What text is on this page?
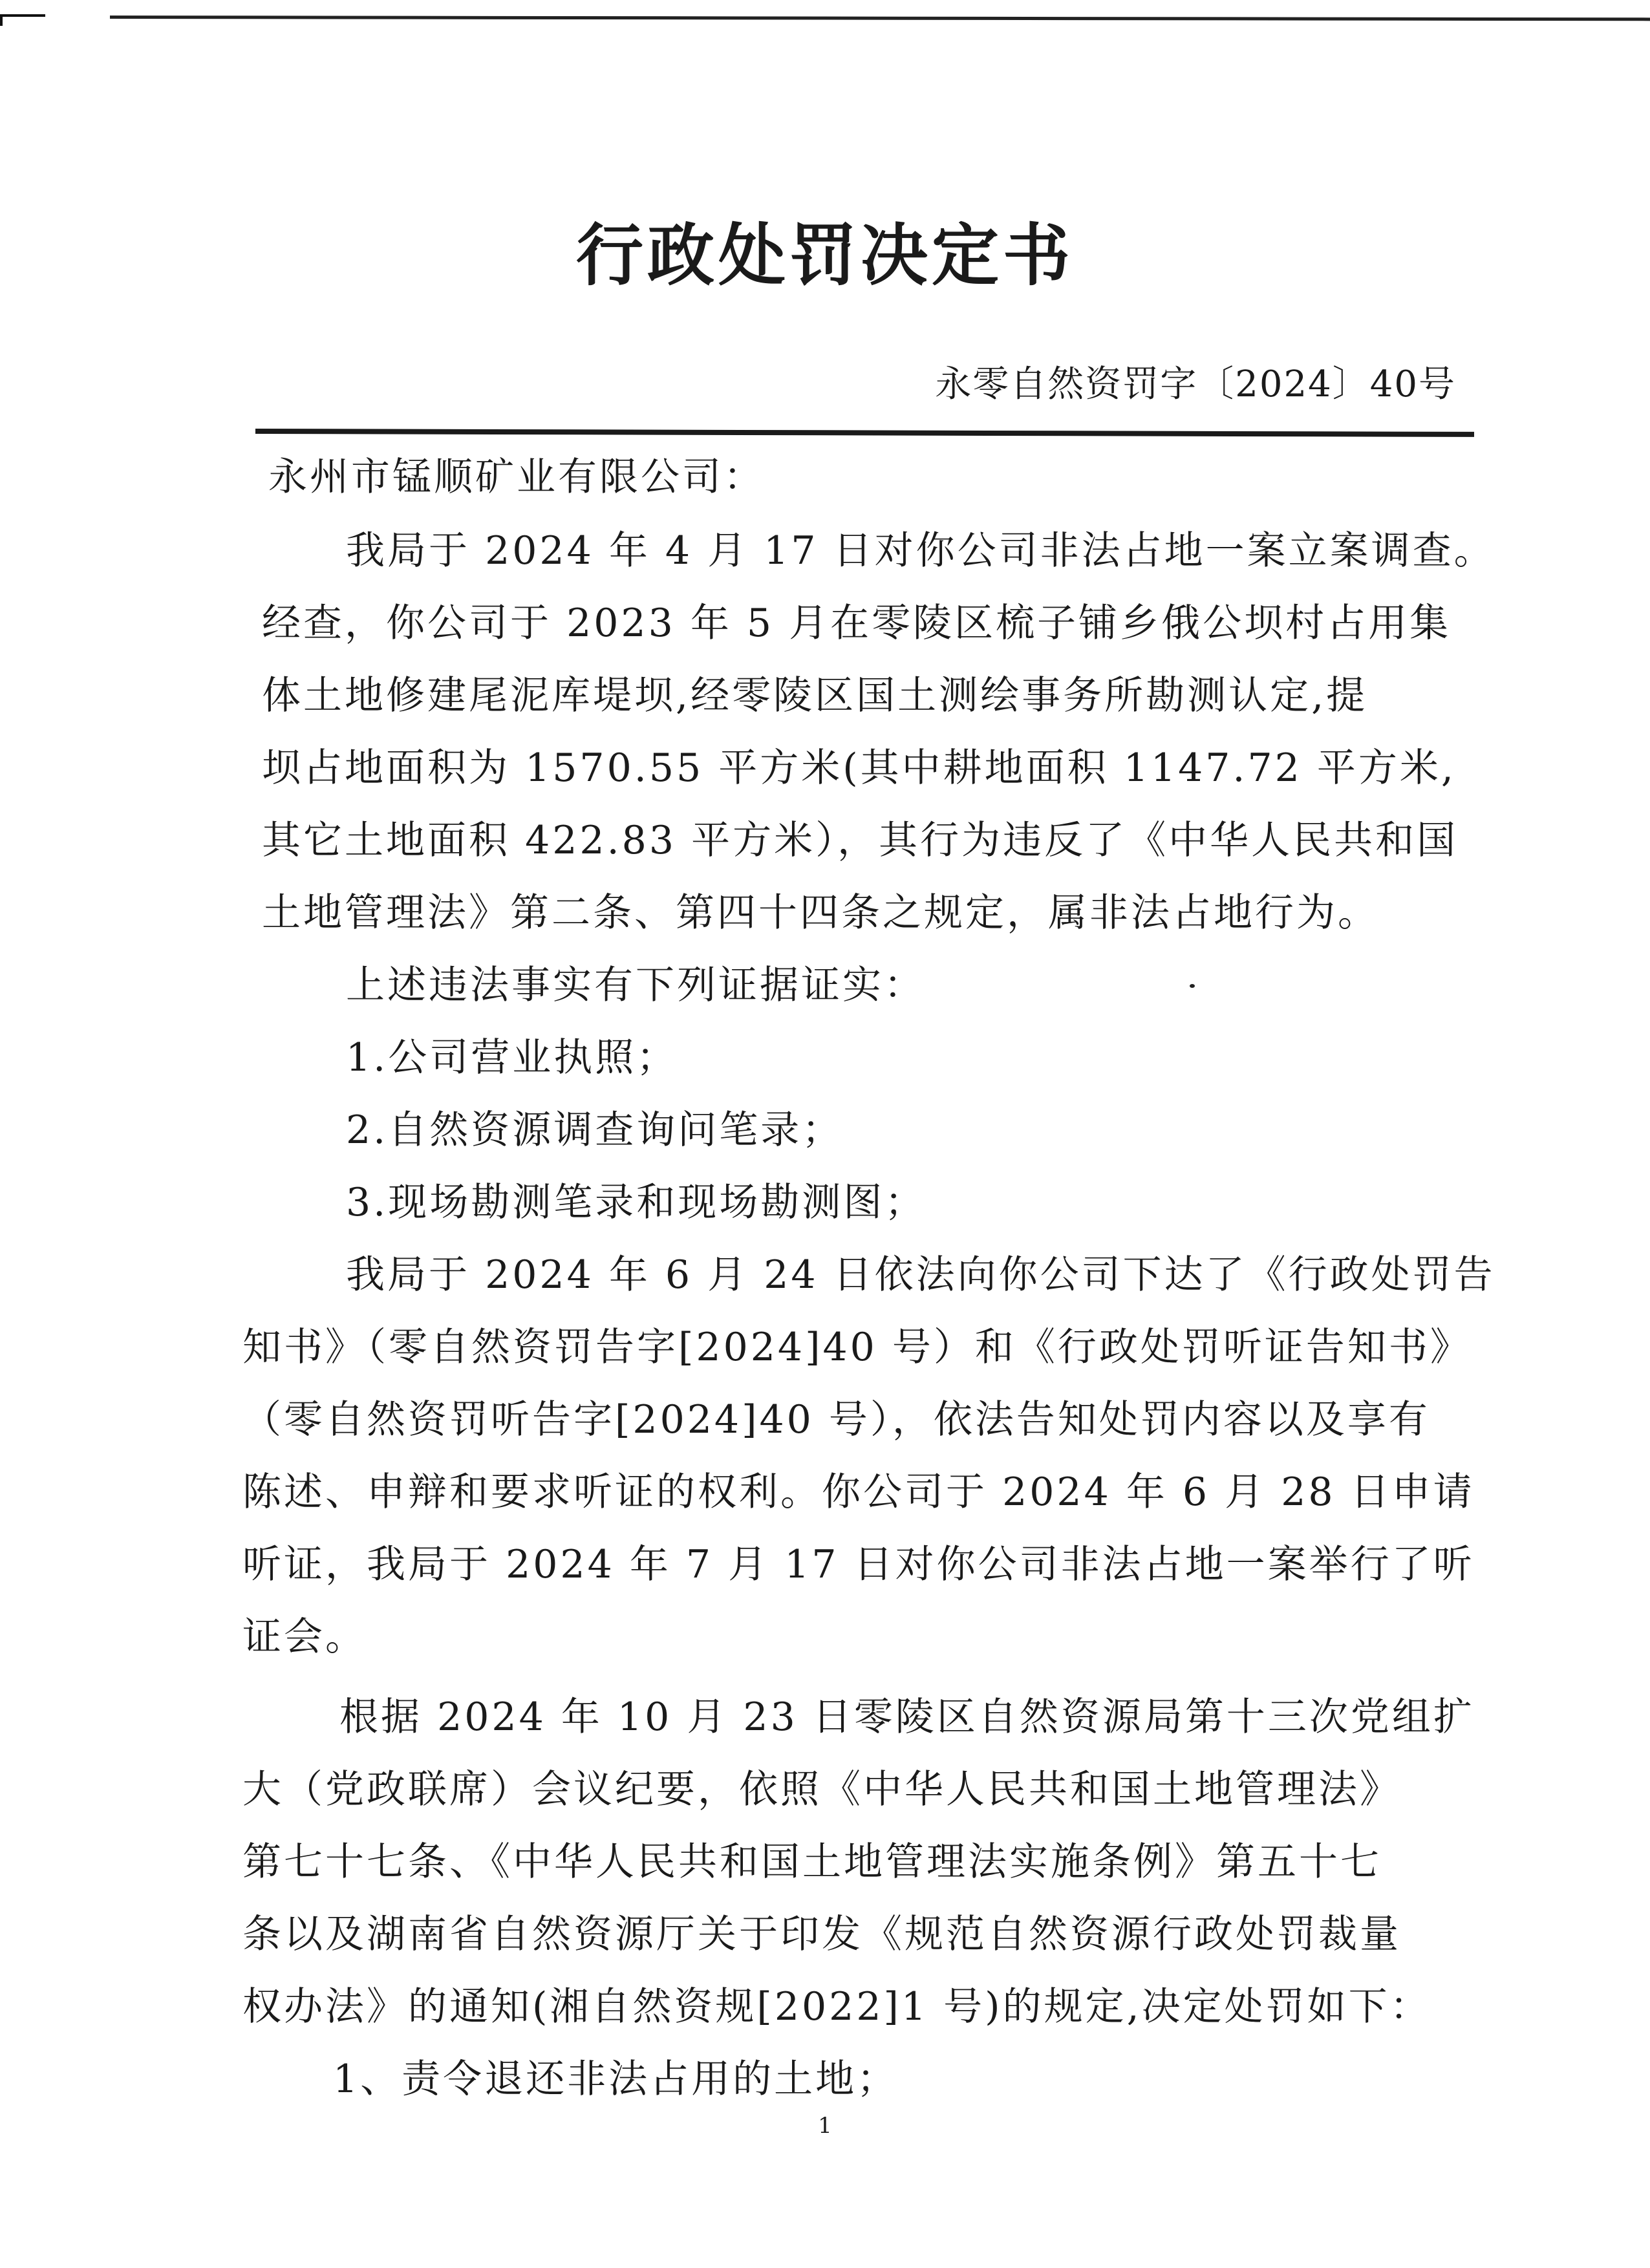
行政处罚决定书
永零自然资罚字〔2024〕40号
永州市锰顺矿业有限公司：
我局于 2024 年 4 月 17 日对你公司非法占地一案立案调查。
经查，你公司于 2023 年 5 月在零陵区梳子铺乡俄公坝村占用集
体土地修建尾泥库堤坝,经零陵区国土测绘事务所勘测认定,提
坝占地面积为 1570.55 平方米(其中耕地面积 1147.72 平方米,
其它土地面积 422.83 平方米），其行为违反了《中华人民共和国
土地管理法》第二条、第四十四条之规定，属非法占地行为。
上述违法事实有下列证据证实：
1.公司营业执照；
2.自然资源调查询问笔录；
3.现场勘测笔录和现场勘测图；
我局于 2024 年 6 月 24 日依法向你公司下达了《行政处罚告
知书》（零自然资罚告字[2024]40 号）和《行政处罚听证告知书》
（零自然资罚听告字[2024]40 号），依法告知处罚内容以及享有
陈述、申辩和要求听证的权利。你公司于 2024 年 6 月 28 日申请
听证，我局于 2024 年 7 月 17 日对你公司非法占地一案举行了听
证会。
根据 2024 年 10 月 23 日零陵区自然资源局第十三次党组扩
大（党政联席）会议纪要，依照《中华人民共和国土地管理法》
第七十七条、《中华人民共和国土地管理法实施条例》第五十七
条以及湖南省自然资源厅关于印发《规范自然资源行政处罚裁量
权办法》的通知(湘自然资规[2022]1 号)的规定,决定处罚如下：
1、责令退还非法占用的土地；
1
